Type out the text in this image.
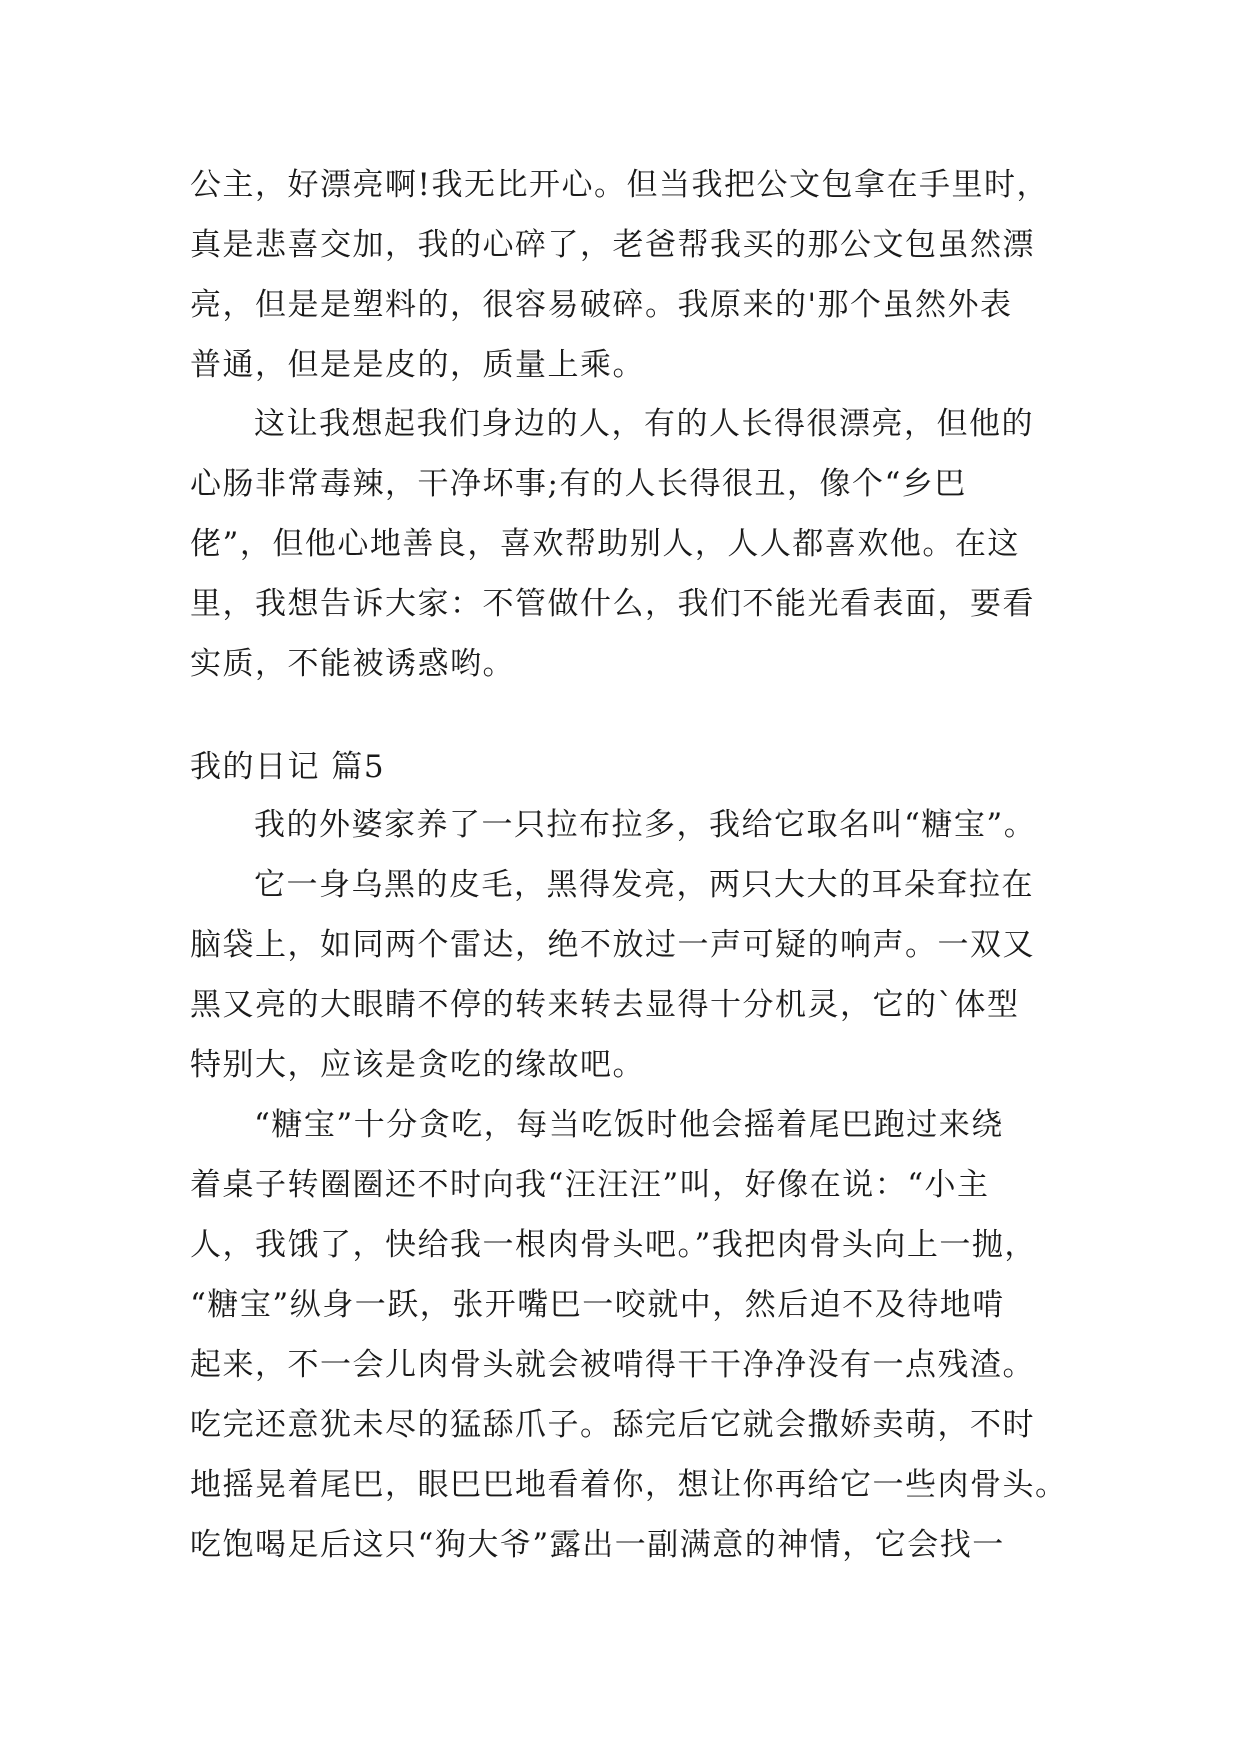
公主，好漂亮啊!我无比开心。但当我把公文包拿在手里时，
真是悲喜交加，我的心碎了，老爸帮我买的那公文包虽然漂
亮，但是是塑料的，很容易破碎。我原来的'那个虽然外表
普通，但是是皮的，质量上乘。
这让我想起我们身边的人，有的人长得很漂亮，但他的
心肠非常毒辣，干净坏事;有的人长得很丑，像个“乡巴
佬”，但他心地善良，喜欢帮助别人，人人都喜欢他。在这
里，我想告诉大家：不管做什么，我们不能光看表面，要看
实质，不能被诱惑哟。
我的日记 篇5
我的外婆家养了一只拉布拉多，我给它取名叫“糖宝”。
它一身乌黑的皮毛，黑得发亮，两只大大的耳朵耷拉在
脑袋上，如同两个雷达，绝不放过一声可疑的响声。一双又
黑又亮的大眼睛不停的转来转去显得十分机灵，它的`体型
特别大，应该是贪吃的缘故吧。
“糖宝”十分贪吃，每当吃饭时他会摇着尾巴跑过来绕
着桌子转圈圈还不时向我“汪汪汪”叫，好像在说：“小主
人，我饿了，快给我一根肉骨头吧。”我把肉骨头向上一抛，
“糖宝”纵身一跃，张开嘴巴一咬就中，然后迫不及待地啃
起来，不一会儿肉骨头就会被啃得干干净净没有一点残渣。
吃完还意犹未尽的猛舔爪子。舔完后它就会撒娇卖萌，不时
地摇晃着尾巴，眼巴巴地看着你，想让你再给它一些肉骨头。
吃饱喝足后这只“狗大爷”露出一副满意的神情，它会找一
